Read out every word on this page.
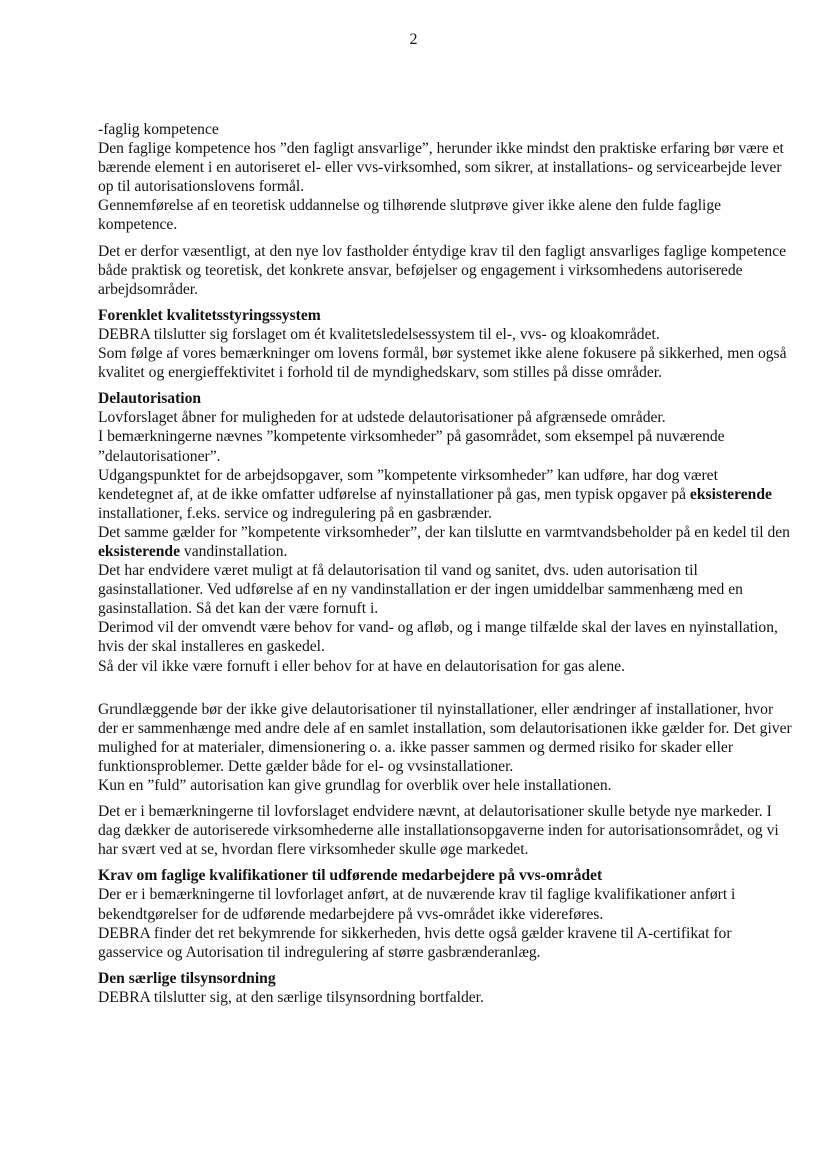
2

-faglig kompetence

Den faglige kompetence hos ”den fagligt ansvarlige”, herunder ikke mindst den praktiske erfaring bør være et bærende element i en autoriseret el- eller vvs-virksomhed, som sikrer, at installations- og servicearbejde lever op til autorisationslovens formål.

Gennemførelse af en teoretisk uddannelse og tilhørende slutprøve giver ikke alene den fulde faglige kompetence.

Det er derfor væsentligt, at den nye lov fastholder éntydige krav til den fagligt ansvarliges faglige kompetence både praktisk og teoretisk, det konkrete ansvar, beføjelser og engagement i virksomhedens autoriserede arbejdsområder.

Forenklet kvalitetsstyringssystem

DEBRA tilslutter sig forslaget om ét kvalitetsledelsessystem til el-, vvs- og kloakområdet.

Som følge af vores bemærkninger om lovens formål, bør systemet ikke alene fokusere på sikkerhed, men også kvalitet og energieffektivitet i forhold til de myndighedskarv, som stilles på disse områder.

Delautorisation

Lovforslaget åbner for muligheden for at udstede delautorisationer på afgrænsede områder.

I bemærkningerne nævnes ”kompetente virksomheder” på gasområdet, som eksempel på nuværende ”delautorisationer”.

Udgangspunktet for de arbejdsopgaver, som ”kompetente virksomheder” kan udføre, har dog været kendetegnet af, at de ikke omfatter udførelse af nyinstallationer på gas, men typisk opgaver på eksisterende installationer, f.eks. service og indregulering på en gasbrænder.

Det samme gælder for ”kompetente virksomheder”, der kan tilslutte en varmtvandsbeholder på en kedel til den eksisterende vandinstallation.

Det har endvidere været muligt at få delautorisation til vand og sanitet, dvs. uden autorisation til gasinstallationer. Ved udførelse af en ny vandinstallation er der ingen umiddelbar sammenhæng med en gasinstallation. Så det kan der være fornuft i.

Derimod vil der omvendt være behov for vand- og afløb, og i mange tilfælde skal der laves en nyinstallation, hvis der skal installeres en gaskedel.

Så der vil ikke være fornuft i eller behov for at have en delautorisation for gas alene.

Grundlæggende bør der ikke give delautorisationer til nyinstallationer, eller ændringer af installationer, hvor der er sammenhænge med andre dele af en samlet installation, som delautorisationen ikke gælder for. Det giver mulighed for at materialer, dimensionering o. a. ikke passer sammen og dermed risiko for skader eller funktionsproblemer. Dette gælder både for el- og vvsinstallationer.

Kun en ”fuld” autorisation kan give grundlag for overblik over hele installationen.

Det er i bemærkningerne til lovforslaget endvidere nævnt, at delautorisationer skulle betyde nye markeder. I dag dækker de autoriserede virksomhederne alle installationsopgaverne inden for autorisationsområdet, og vi har svært ved at se, hvordan flere virksomheder skulle øge markedet.

Krav om faglige kvalifikationer til udførende medarbejdere på vvs-området

Der er i bemærkningerne til lovforlaget anført, at de nuværende krav til faglige kvalifikationer anført i bekendtgørelser for de udførende medarbejdere på vvs-området ikke videreføres.

DEBRA finder det ret bekymrende for sikkerheden, hvis dette også gælder kravene til A-certifikat for gasservice og Autorisation til indregulering af større gasbrænderanlæg.

Den særlige tilsynsordning

DEBRA tilslutter sig, at den særlige tilsynsordning bortfalder.
